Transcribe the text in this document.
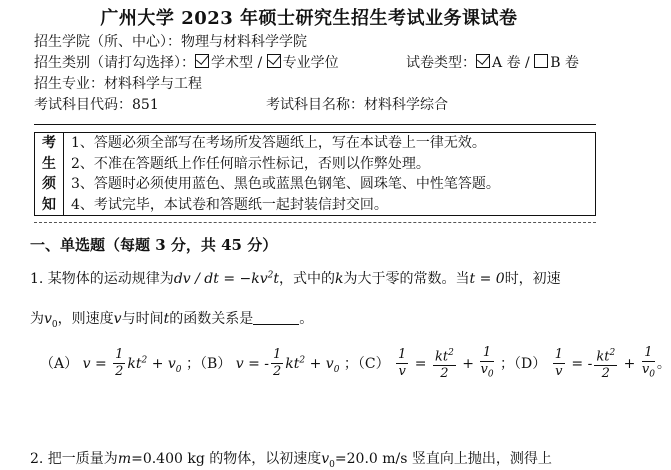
广州大学 2023 年硕士研究生招生考试业务课试卷
招生学院（所、中心）：物理与材料科学学院
招生类别（请打勾选择）： 学术型 / 专业学位	试卷类型： A 卷 / B 卷
招生专业：材料科学与工程
考试科目代码：851	考试科目名称：材料科学综合
考
生
须
知
1、答题必须全部写在考场所发答题纸上，写在本试卷上一律无效。
2、不准在答题纸上作任何暗示性标记，否则以作弊处理。
3、答题时必须使用蓝色、黑色或蓝黑色钢笔、圆珠笔、中性笔答题。
4、考试完毕，本试卷和答题纸一起封装信封交回。
一、单选题（每题 3 分，共 45 分）
1. 某物体的运动规律为dv / dt = $-kv^2t$，式中的k为大于零的常数。当t = 0时，初速
为$v_0$，则速度v与时间t的函数关系是	。
（A） $v = \frac{1}{2} kt^2 + v_0$ ；（B） v = - $\frac{1}{2} kt^2 + v_0$ ；$(C) \frac{1}{v} = \frac{kt^2}{2} + \frac{1}{v_0}$ ；$(D) \frac{1}{v}$ = - $\frac{kt^2}{2} + \frac{1}{v_0}$ 。
2. 把一质量为m=0.400 kg 的物体，以初速度$v_0=20.0$ m/s 竖直向上抛出，测得上
